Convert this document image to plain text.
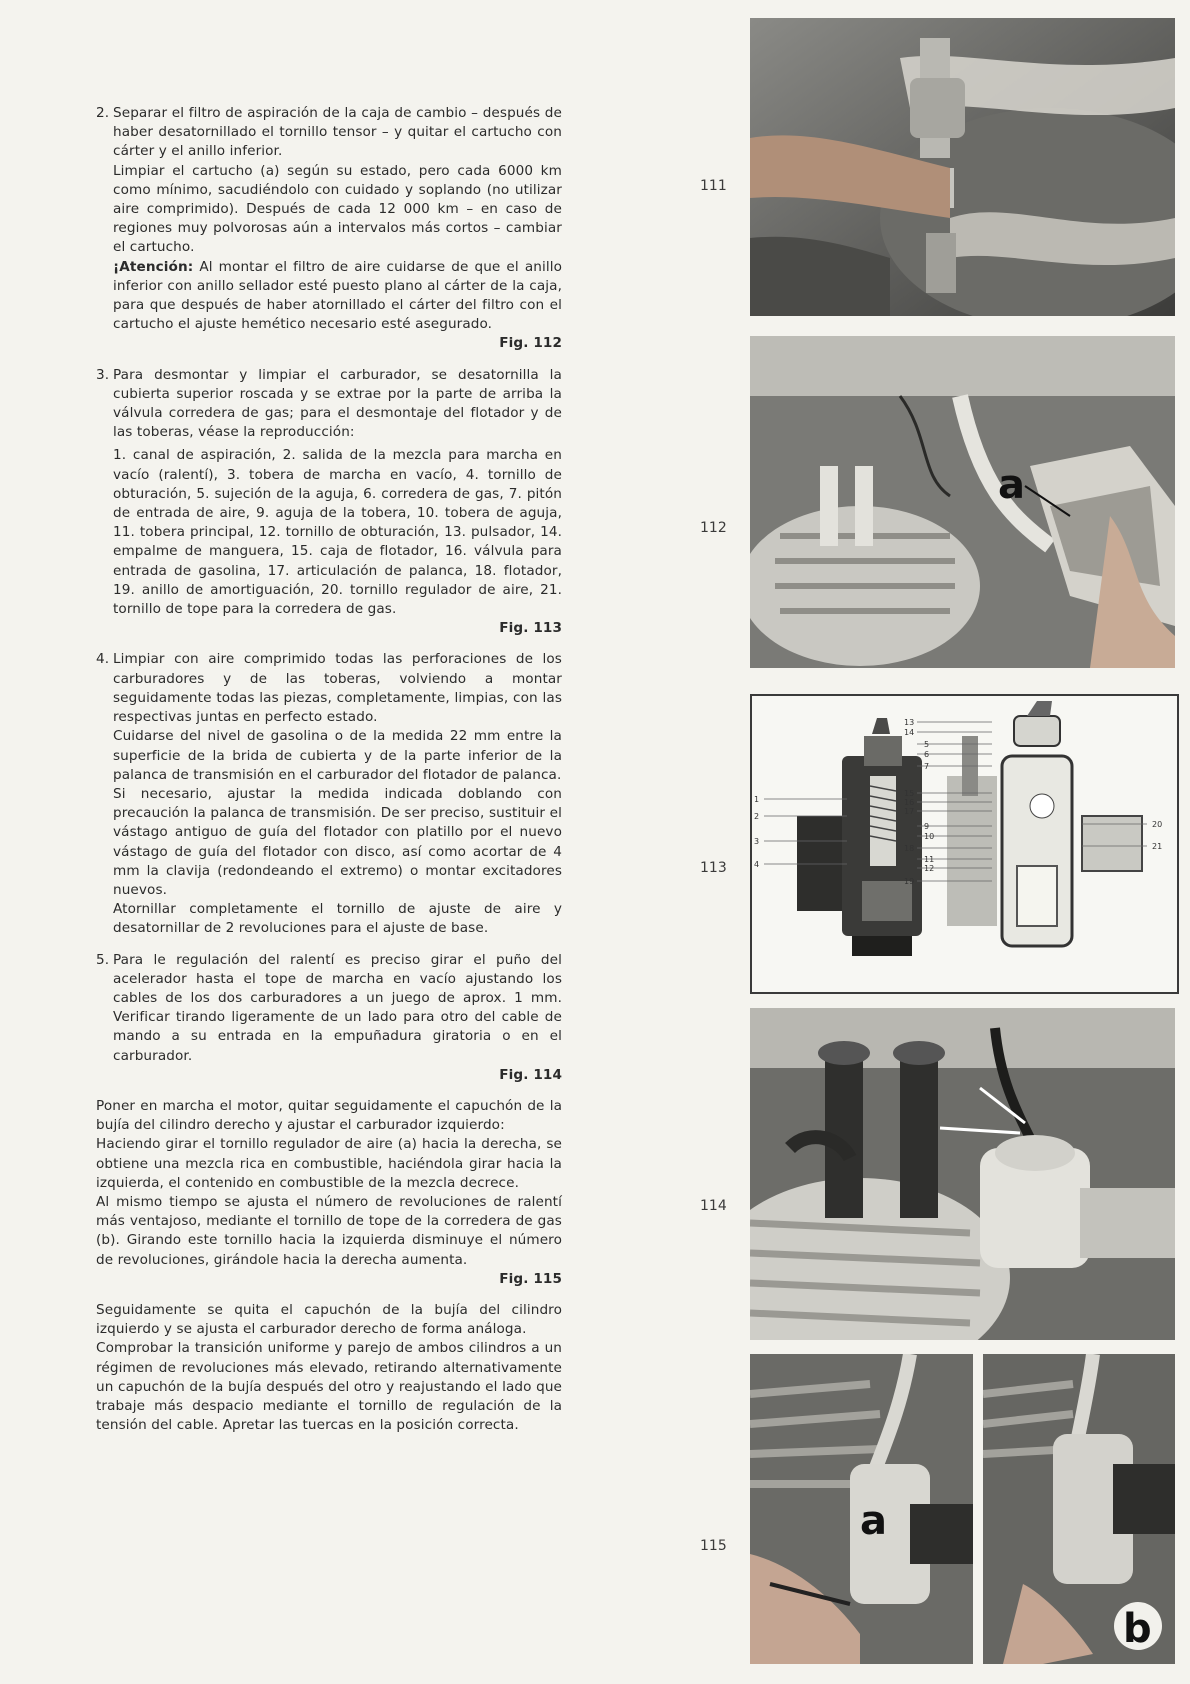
2. Separar el filtro de aspiración de la caja de cambio – después de haber desatornillado el tornillo tensor – y quitar el cartucho con cárter y el anillo inferior.

Limpiar el cartucho (a) según su estado, pero cada 6000 km como mínimo, sacudiéndolo con cuidado y soplando (no utilizar aire comprimido). Después de cada 12 000 km – en caso de regiones muy polvorosas aún a intervalos más cortos – cambiar el cartucho.

¡Atención: Al montar el filtro de aire cuidarse de que el anillo inferior con anillo sellador esté puesto plano al cárter de la caja, para que después de haber atornillado el cárter del filtro con el cartucho el ajuste hemético necesario esté asegurado.

Fig. 112
3. Para desmontar y limpiar el carburador, se desatornilla la cubierta superior roscada y se extrae por la parte de arriba la válvula corredera de gas; para el desmontaje del flotador y de las toberas, véase la reproducción:

1. canal de aspiración, 2. salida de la mezcla para marcha en vacío (ralentí), 3. tobera de marcha en vacío, 4. tornillo de obturación, 5. sujeción de la aguja, 6. corredera de gas, 7. pitón de entrada de aire, 9. aguja de la tobera, 10. tobera de aguja, 11. tobera principal, 12. tornillo de obturación, 13. pulsador, 14. empalme de manguera, 15. caja de flotador, 16. válvula para entrada de gasolina, 17. articulación de palanca, 18. flotador, 19. anillo de amortiguación, 20. tornillo regulador de aire, 21. tornillo de tope para la corredera de gas.

Fig. 113
4. Limpiar con aire comprimido todas las perforaciones de los carburadores y de las toberas, volviendo a montar seguidamente todas las piezas, completamente, limpias, con las respectivas juntas en perfecto estado.

Cuidarse del nivel de gasolina o de la medida 22 mm entre la superficie de la brida de cubierta y de la parte inferior de la palanca de transmisión en el carburador del flotador de palanca.

Si necesario, ajustar la medida indicada doblando con precaución la palanca de transmisión. De ser preciso, sustituir el vástago antiguo de guía del flotador con platillo por el nuevo vástago de guía del flotador con disco, así como acortar de 4 mm la clavija (redondeando el extremo) o montar excitadores nuevos.

Atornillar completamente el tornillo de ajuste de aire y desatornillar de 2 revoluciones para el ajuste de base.

5. Para le regulación del ralentí es preciso girar el puño del acelerador hasta el tope de marcha en vacío ajustando los cables de los dos carburadores a un juego de aprox. 1 mm. Verificar tirando ligeramente de un lado para otro del cable de mando a su entrada en la empuñadura giratoria o en el carburador.

Fig. 114

Poner en marcha el motor, quitar seguidamente el capuchón de la bujía del cilindro derecho y ajustar el carburador izquierdo:

Haciendo girar el tornillo regulador de aire (a) hacia la derecha, se obtiene una mezcla rica en combustible, haciéndola girar hacia la izquierda, el contenido en combustible de la mezcla decrece.

Al mismo tiempo se ajusta el número de revoluciones de ralentí más ventajoso, mediante el tornillo de tope de la corredera de gas (b). Girando este tornillo hacia la izquierda disminuye el número de revoluciones, girándole hacia la derecha aumenta.

Fig. 115

Seguidamente se quita el capuchón de la bujía del cilindro izquierdo y se ajusta el carburador derecho de forma análoga.

Comprobar la transición uniforme y parejo de ambos cilindros a un régimen de revoluciones más elevado, retirando alternativamente un capuchón de la bujía después del otro y reajustando el lado que trabaje más despacio mediante el tornillo de regulación de la tensión del cable. Apretar las tuercas en la posición correcta.

111
112
113
114
115
a
1
2
3
4
13
14
5
6
7
15
16
17
9
10
18
11
12
19
20
21
a
b
